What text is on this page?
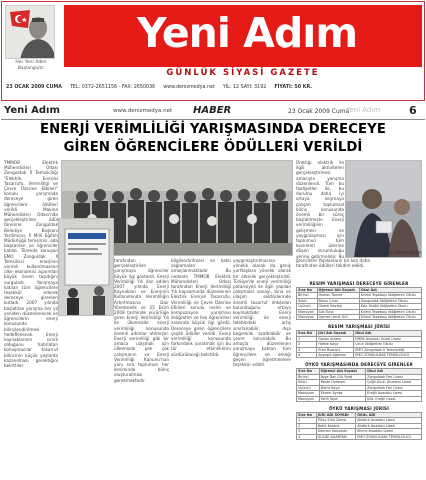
Her Yeni Adım
Başlangıçtır
Yeni Adım
GÜNLÜK SİYASİ GAZETE
23 OCAK 2009 CUMA TEL: 0372-2651156 - FAX: 2650036 www.denizmedya.net YIL: 12 SAYI: 3192 FİYATI: 50 KR.
Yeni Adım	www.denizmedya.net HABER	23 Ocak 2009 Cuma
Yeni Adım	6
ENERJİ VERİMLİLİĞİ YARIŞMASINDA DERECEYE
GİREN ÖĞRENCİLERE ÖDÜLLERİ VERİLDİ
TMMOB Elektrik Mühendisleri Odası Zonguldak İl Temsilciliği "Elektrik Enerjisi Tasarrufu, Verimliliği ve Çevre Üzerine Etkileri" konulu yarışmada dereceye giren öğrencilere ödülleri verildi. Makina Mühendisleri Odası'nda gerçekleştirilen ödül törenine Zonguldak Belediye Başkanı Yardımcısı, İl Milli Eğitim Müdürlüğü temsilcisi, oda başkanları ve öğrenciler katıldı. Törende konuşan EMO Zonguldak İl Temsilcisi enerjinin verimli kullanılmasının ülke ekonomisi açısından büyük önem taşıdığını vurguladı. Yarışmaya katılan tüm öğrencilere teşekkür ederek dereceye girenleri kutladı. 2007 yılında başlatılan yarışma her yıl yeniden düzenlenecek ve öğrencilerin enerji konusunda bilinçlendirilmesi hedeflenecek. Enerji kaynaklarının sınırlı olduğunu hatırlatan konuşmacılar tasarruf bilincinin küçük yaşlarda kazanılması gerektiğini belirttiler.
tarafından gerçekleştirilen yarışmaya öğrenciler büyük ilgi gösterdi. Enerji Verimliliği Yılı ilan edilen 2007 yılında Enerji Kaynakları ve Enerjinin Kullanımında Verimliliğin Artırılmasına Dair Yönetmelik ve 25 Ekim 2008 tarihinde yürürlüğe giren Enerji Verimliliği Yılı ile ülkemizde enerji verimliliği konusunda önemli adımlar atılmıştır. Enerji verimliliği gibi bir amaca ulaşmak için ülkemizde pek çok çalışmanın ve Enerji Verimliliği Kanunu'nun yanı sıra toplumun her kesiminde bilinç oluşturulması gerekmektedir.
bilgilendirilmesi ve katkı sağlamaları amaçlanmaktadır. Bu nedenle TMMOB Elektrik Mühendisleri Odası tarafından Enerji Verimliliği Yılı kapsamında düzenlenen Elektrik Enerjisi Tasarrufu, Verimliliği ve Çevre Üzerine Etkileri konulu resim ve kompozisyon yarışması ilköğretim ve lise öğrencileri arasında büyük ilgi gördü. Dereceye giren öğrencilere çeşitli ödüller verildi. Enerji verimliliği konusunda farkındalık yaratmak için bu tür etkinliklerin sürdürüleceği belirtildi.
yaygınlaştırılmasına yönelik olarak da geniş yurttaşlara yönelik olarak bir etkinlik gerçekleştirildi. Türkiye'de enerji verimliliği potansiyeli ile ilgili yapılan çalışmalar sanayi, bina ve ulaşım sektörlerinde önemli tasarruf imkânları bulunduğunu ortaya koymaktadır. Enerji verimliliği ile enerji talebindeki artış sınırlanabilir, dışa bağımlılık azaltılabilir ve çevre korunabilir. Bu amaçla düzenlenen yarışmaya katılan tüm öğrencilere ve emeği geçen öğretmenlere teşekkür edildi.
Ürettiği elektrik ile ilgili aktiviteleri gerçekleştirmesi amacıyla yarışma düzenlendi. Tüm bu faaliyetler ile, bu durumu daha iyi ortaya koymaya çalışan toplumsal bilinç konusunda önemli bir süreç başlatılmıştır. Enerji verimliliğinin gelişmesi ve yaygınlaşması için toplumun tüm kesimleri üzerine düşen sorumluluğu yerine getirmelidir. Bu
Haber : Seda Fidan / Kerem Beyer
ğrencilere Yapılanların bir kez daha tarafından ödülleri takdim edildi.
RESİM YARIŞMASI DERECEYE GİRENLER
Sıra No	Öğrenci Adı Soyadı	Okul Adı
Birinci	Osman Temek	Kilimli Tepebaşı İlköğretim Okulu
İkinci	Bersu Çınar	Zonguldak İlköğretim Okulu
Üçüncü	Gizem Kayıkçı	Kdz. Ereğli İlköğretim Okulu
Mansiyon	Sıla Tuna	Kilimli Tepebaşı İlköğretim Okulu
Mansiyon	Gamze Ümüt Gül	Kilimli Tepebaşı İlköğretim Okulu
RESİM YARIŞMASI JÜRİSİ
Sıra No	Jüri Adı Soyadı	Okul Adı
1	Gazan Anteur	EMEK Anadolu Güzel Lisesi
2	Hafize Kaya	Uzun İlköğretim Okulu
3	Eren Bozkurt	EMO Zonguldak İl Temsilciliği
4	Ayşegül Ağartan	EMO ZONGULDAK TEMSİLCİLİĞİ
ÖYKÜ YARIŞMASINDA DERECEYE GİRENLER
Sıra No	Öğrenci Adı Soyadı	Okul Adı
Birinci	Ayşe Dalı Gül Yurdi	Zonguldak Fen Lisesi
İkinci	Beste Özdemir	Çağlı Gürk. Anadolu Lisesi
Üçüncü	Deniz Kaya	Zonguldak Fen Lisesi
Mansiyon	Ekrem Ayvaş	Ereğli Anadolu Lisesi
Mansiyon	Fatih Tepe	Kdz. Ereğli Lisesi
ÖYKÜ YARIŞMASI JÜRİSİ
Sıra No	JÜRİ ADI SOYADI	OKUL ADI
1	Tülay Erim Demir	Atatürk Anadolu Lisesi
2	Betül Karaca	Atatürk Anadolu Lisesi
3	Gökhan Sarıaslan	Kilimli Anadolu Lisesi
4	GÜLDE AĞARTAN	EMO ZONGULDAK TEMSİLCİLİĞİ
